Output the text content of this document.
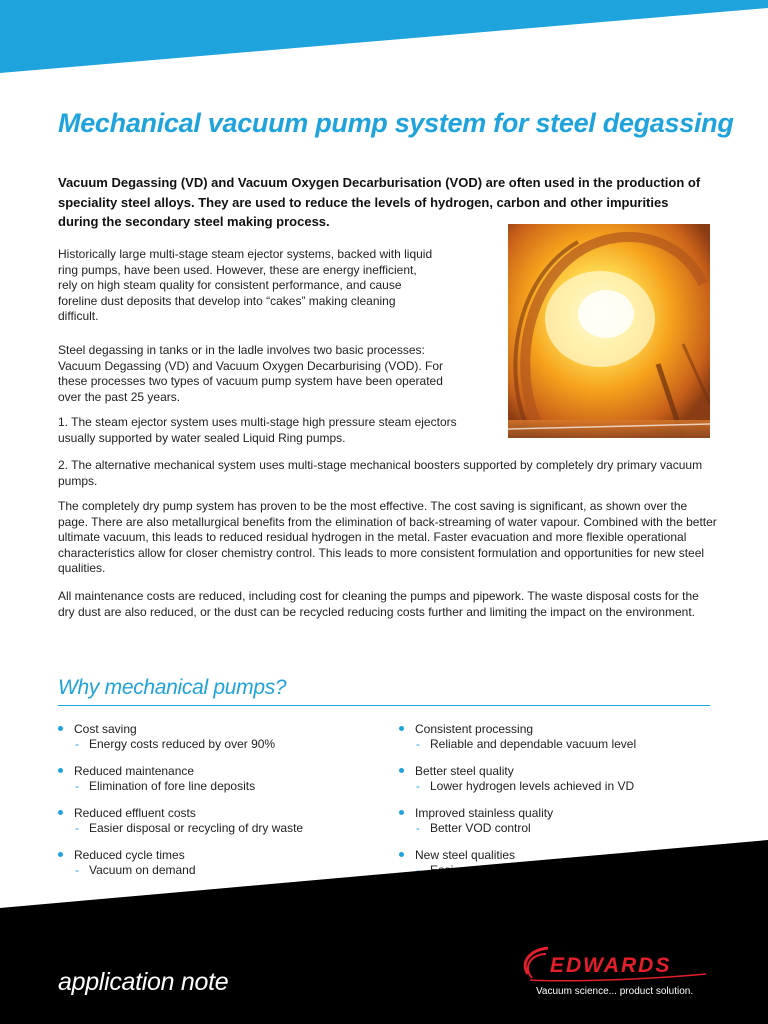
Mechanical vacuum pump system for steel degassing

Vacuum Degassing (VD) and Vacuum Oxygen Decarburisation (VOD) are often used in the production of speciality steel alloys. They are used to reduce the levels of hydrogen, carbon and other impurities during the secondary steel making process.

Historically large multi-stage steam ejector systems, backed with liquid ring pumps, have been used. However, these are energy inefficient, rely on high steam quality for consistent performance, and cause foreline dust deposits that develop into “cakes” making cleaning difficult.

Steel degassing in tanks or in the ladle involves two basic processes: Vacuum Degassing (VD) and Vacuum Oxygen Decarburising (VOD). For these processes two types of vacuum pump system have been operated over the past 25 years.

1. The steam ejector system uses multi-stage high pressure steam ejectors usually supported by water sealed Liquid Ring pumps.

2. The alternative mechanical system uses multi-stage mechanical boosters supported by completely dry primary vacuum pumps.

The completely dry pump system has proven to be the most effective. The cost saving is significant, as shown over the page. There are also metallurgical benefits from the elimination of back-streaming of water vapour. Combined with the better ultimate vacuum, this leads to reduced residual hydrogen in the metal. Faster evacuation and more flexible operational characteristics allow for closer chemistry control. This leads to more consistent formulation and opportunities for new steel qualities.

All maintenance costs are reduced, including cost for cleaning the pumps and pipework. The waste disposal costs for the dry dust are also reduced, or the dust can be recycled reducing costs further and limiting the impact on the environment.

Why mechanical pumps?
Cost saving
- Energy costs reduced by over 90%
Reduced maintenance
- Elimination of fore line deposits
Reduced effluent costs
- Easier disposal or recycling of dry waste
Reduced cycle times
- Vacuum on demand
Consistent processing
- Reliable and dependable vacuum level
Better steel quality
- Lower hydrogen levels achieved in VD
Improved stainless quality
- Better VOD control
New steel qualities
-

application note

EDWARDS
Vacuum science... product solution.
